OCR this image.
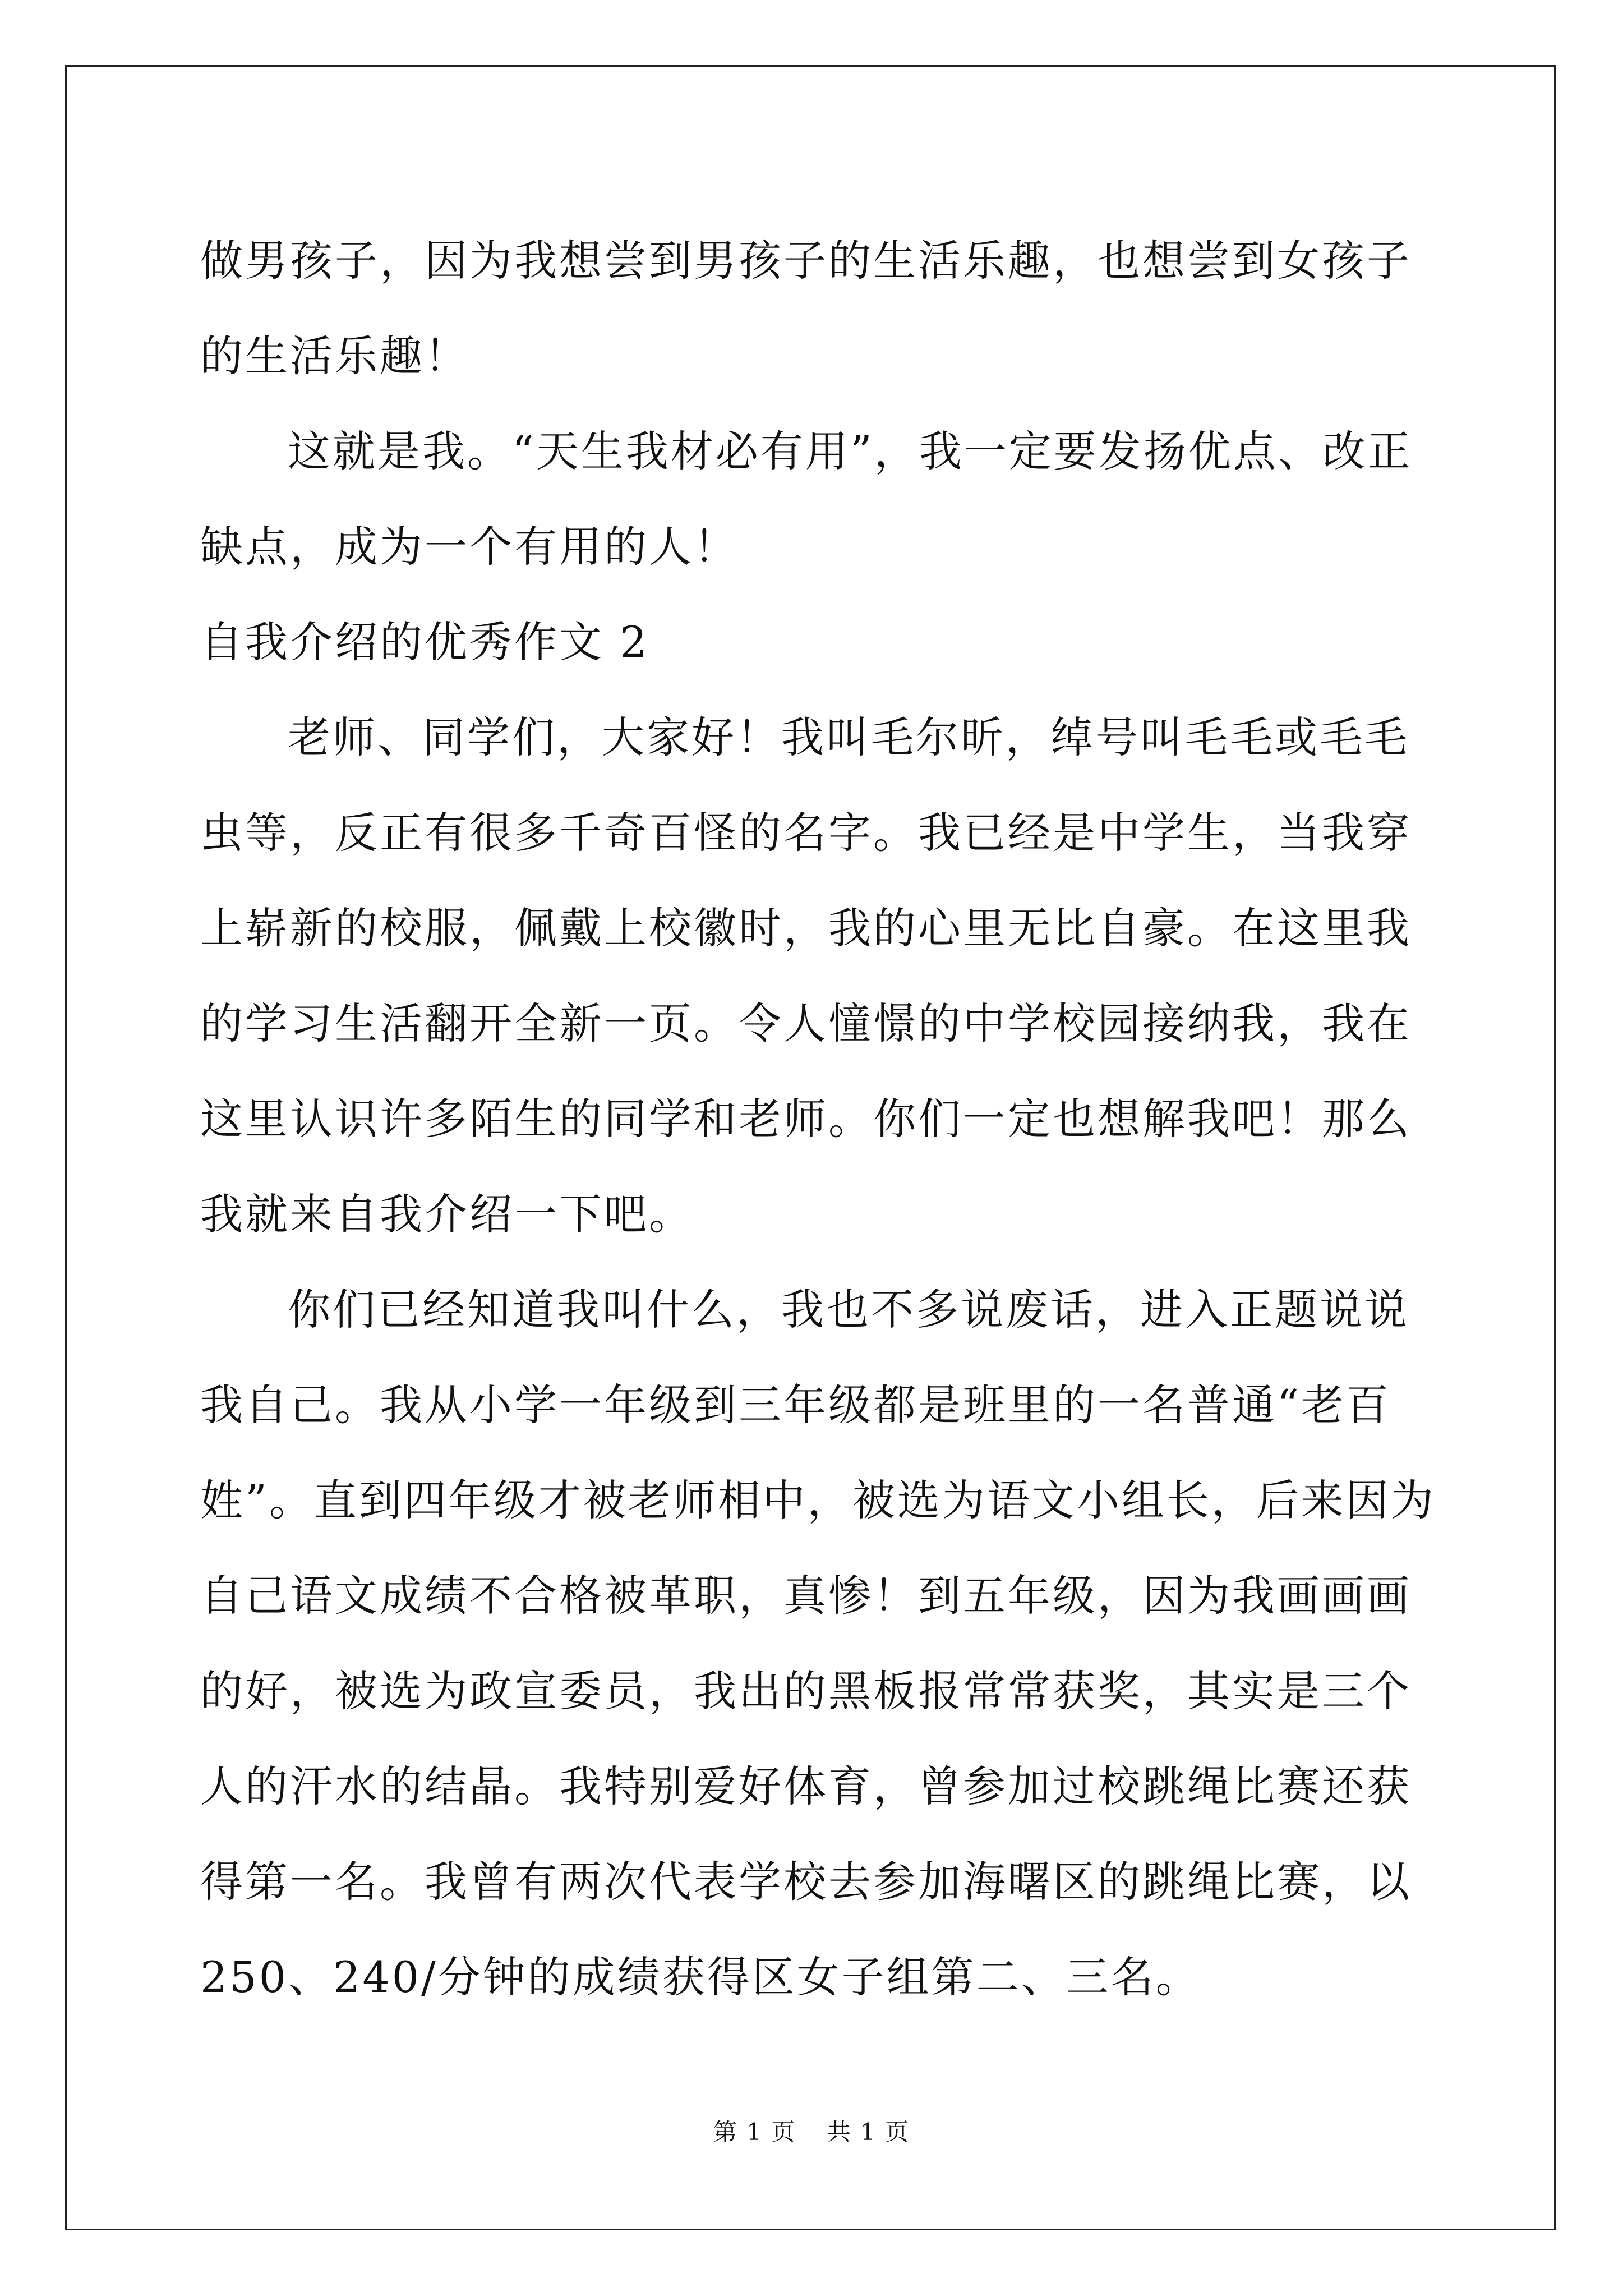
做男孩子，因为我想尝到男孩子的生活乐趣，也想尝到女孩子的生活乐趣！

这就是我。“天生我材必有用”，我一定要发扬优点、改正缺点，成为一个有用的人！

自我介绍的优秀作文 2

老师、同学们，大家好！我叫毛尔昕，绰号叫毛毛或毛毛虫等，反正有很多千奇百怪的名字。我已经是中学生，当我穿上崭新的校服，佩戴上校徽时，我的心里无比自豪。在这里我的学习生活翻开全新一页。令人憧憬的中学校园接纳我，我在这里认识许多陌生的同学和老师。你们一定也想解我吧！那么我就来自我介绍一下吧。

你们已经知道我叫什么，我也不多说废话，进入正题说说我自己。我从小学一年级到三年级都是班里的一名普通“老百姓”。直到四年级才被老师相中，被选为语文小组长，后来因为自己语文成绩不合格被革职，真惨！到五年级，因为我画画画的好，被选为政宣委员，我出的黑板报常常获奖，其实是三个人的汗水的结晶。我特别爱好体育，曾参加过校跳绳比赛还获得第一名。我曾有两次代表学校去参加海曙区的跳绳比赛，以 250、240/分钟的成绩获得区女子组第二、三名。

第 1 页 共 1 页
